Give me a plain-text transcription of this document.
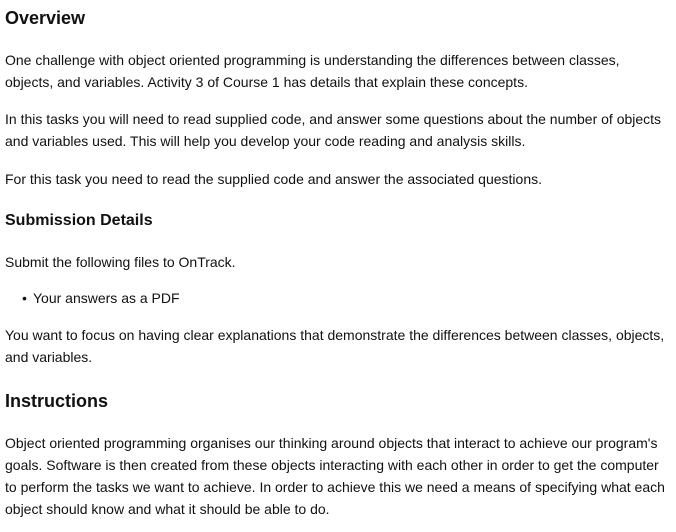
Overview

One challenge with object oriented programming is understanding the differences between classes, objects, and variables. Activity 3 of Course 1 has details that explain these concepts.

In this tasks you will need to read supplied code, and answer some questions about the number of objects and variables used. This will help you develop your code reading and analysis skills.

For this task you need to read the supplied code and answer the associated questions.

Submission Details

Submit the following files to OnTrack.

• Your answers as a PDF

You want to focus on having clear explanations that demonstrate the differences between classes, objects, and variables.

Instructions

Object oriented programming organises our thinking around objects that interact to achieve our program's goals. Software is then created from these objects interacting with each other in order to get the computer to perform the tasks we want to achieve. In order to achieve this we need a means of specifying what each object should know and what it should be able to do.
